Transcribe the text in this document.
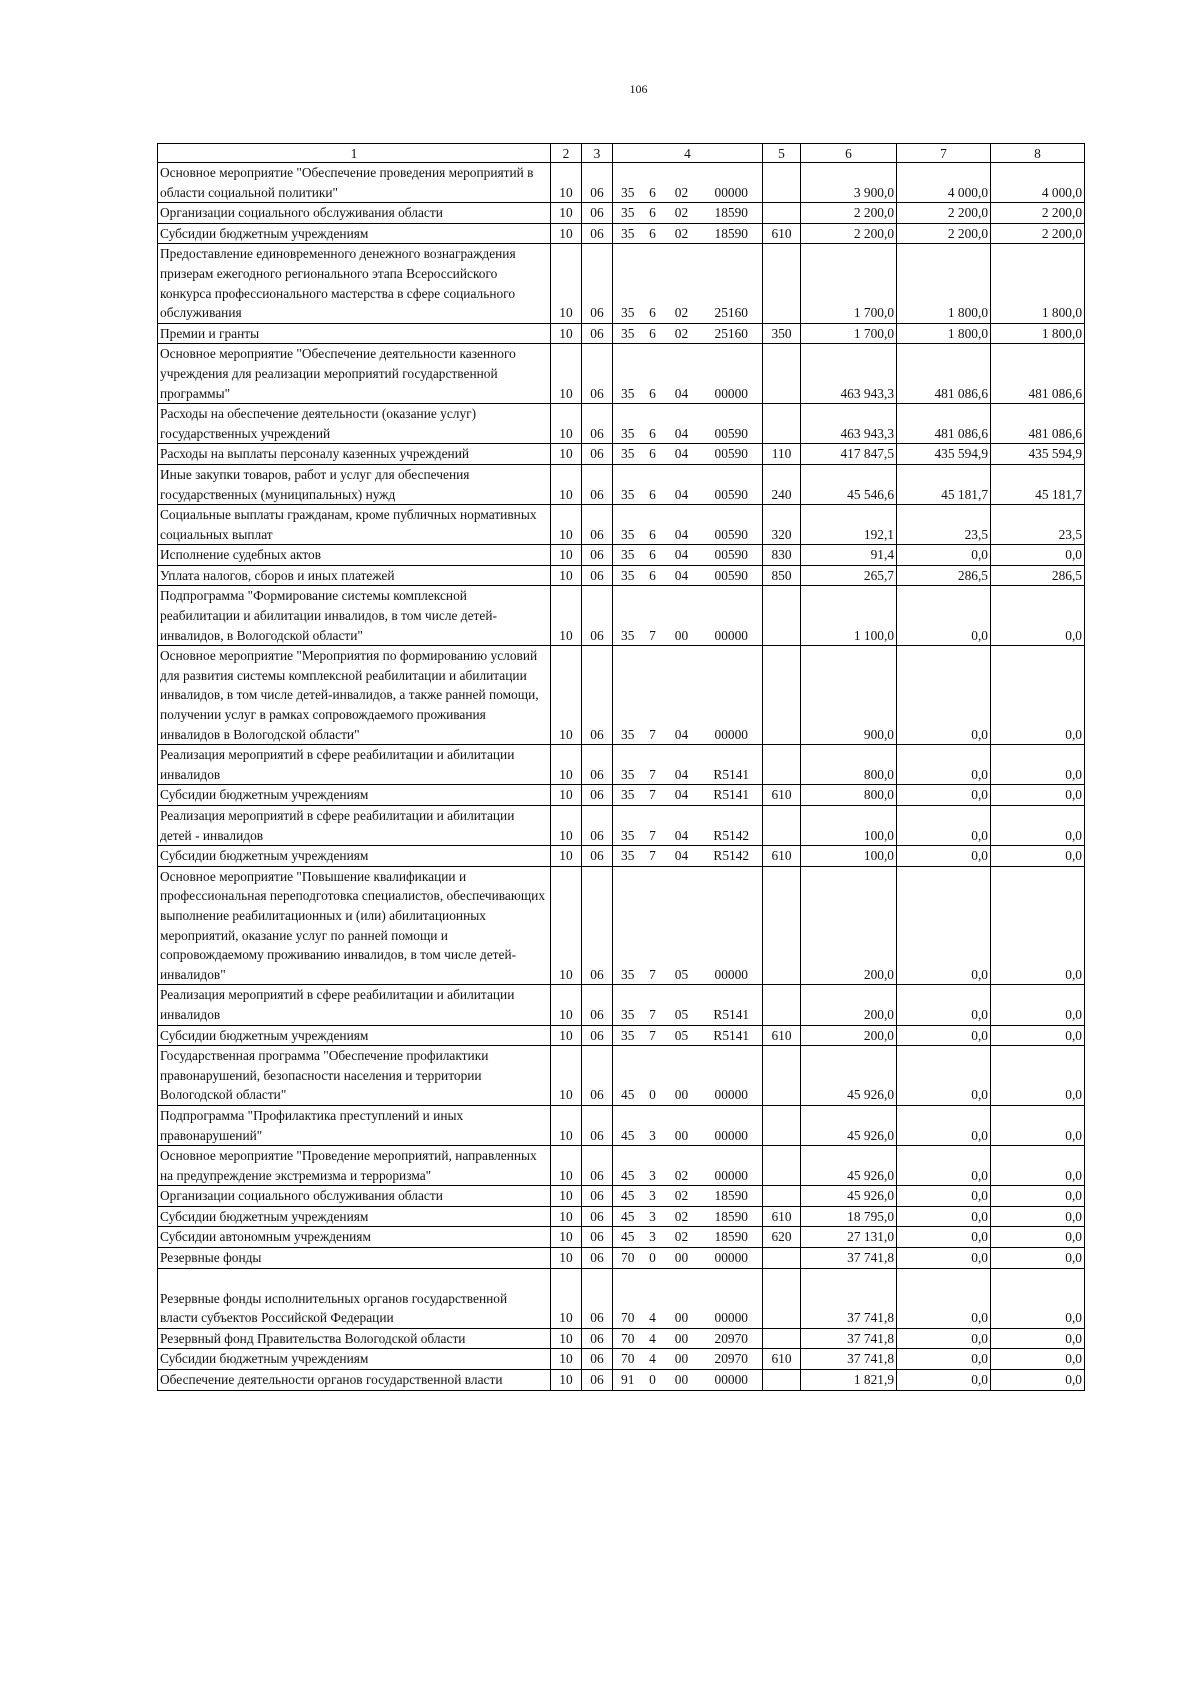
106
1	2	3	4				5	6	7	8
Основное мероприятие "Обеспечение проведения мероприятий в области социальной политики"	10	06	35	6	02	00000		3 900,0	4 000,0	4 000,0
Организации социального обслуживания области	10	06	35	6	02	18590		2 200,0	2 200,0	2 200,0
Субсидии бюджетным учреждениям	10	06	35	6	02	18590	610	2 200,0	2 200,0	2 200,0
Предоставление единовременного денежного вознаграждения призерам ежегодного регионального этапа Всероссийского конкурса профессионального мастерства в сфере социального обслуживания	10	06	35	6	02	25160		1 700,0	1 800,0	1 800,0
Премии и гранты	10	06	35	6	02	25160	350	1 700,0	1 800,0	1 800,0
Основное мероприятие "Обеспечение деятельности казенного учреждения для реализации мероприятий государственной программы"	10	06	35	6	04	00000		463 943,3	481 086,6	481 086,6
Расходы на обеспечение деятельности (оказание услуг) государственных учреждений	10	06	35	6	04	00590		463 943,3	481 086,6	481 086,6
Расходы на выплаты персоналу казенных учреждений	10	06	35	6	04	00590	110	417 847,5	435 594,9	435 594,9
Иные закупки товаров, работ и услуг для обеспечения государственных (муниципальных) нужд	10	06	35	6	04	00590	240	45 546,6	45 181,7	45 181,7
Социальные выплаты гражданам, кроме публичных нормативных социальных выплат	10	06	35	6	04	00590	320	192,1	23,5	23,5
Исполнение судебных актов	10	06	35	6	04	00590	830	91,4	0,0	0,0
Уплата налогов, сборов и иных платежей	10	06	35	6	04	00590	850	265,7	286,5	286,5
Подпрограмма "Формирование системы комплексной реабилитации и абилитации инвалидов, в том числе детей-инвалидов, в Вологодской области"	10	06	35	7	00	00000		1 100,0	0,0	0,0
Основное мероприятие "Мероприятия по формированию условий для развития системы комплексной реабилитации и абилитации инвалидов, в том числе детей-инвалидов, а также ранней помощи, получении услуг в рамках сопровождаемого проживания инвалидов в Вологодской области"	10	06	35	7	04	00000		900,0	0,0	0,0
Реализация мероприятий в сфере реабилитации и абилитации инвалидов	10	06	35	7	04	R5141		800,0	0,0	0,0
Субсидии бюджетным учреждениям	10	06	35	7	04	R5141	610	800,0	0,0	0,0
Реализация мероприятий в сфере реабилитации и абилитации детей - инвалидов	10	06	35	7	04	R5142		100,0	0,0	0,0
Субсидии бюджетным учреждениям	10	06	35	7	04	R5142	610	100,0	0,0	0,0
Основное мероприятие "Повышение квалификации и профессиональная переподготовка специалистов, обеспечивающих выполнение реабилитационных и (или) абилитационных мероприятий, оказание услуг по ранней помощи и сопровождаемому проживанию инвалидов, в том числе детей-инвалидов"	10	06	35	7	05	00000		200,0	0,0	0,0
Реализация мероприятий в сфере реабилитации и абилитации инвалидов	10	06	35	7	05	R5141		200,0	0,0	0,0
Субсидии бюджетным учреждениям	10	06	35	7	05	R5141	610	200,0	0,0	0,0
Государственная программа "Обеспечение профилактики правонарушений, безопасности населения и территории Вологодской области"	10	06	45	0	00	00000		45 926,0	0,0	0,0
Подпрограмма "Профилактика преступлений и иных правонарушений"	10	06	45	3	00	00000		45 926,0	0,0	0,0
Основное мероприятие "Проведение мероприятий, направленных на предупреждение экстремизма и терроризма"	10	06	45	3	02	00000		45 926,0	0,0	0,0
Организации социального обслуживания области	10	06	45	3	02	18590		45 926,0	0,0	0,0
Субсидии бюджетным учреждениям	10	06	45	3	02	18590	610	18 795,0	0,0	0,0
Субсидии автономным учреждениям	10	06	45	3	02	18590	620	27 131,0	0,0	0,0
Резервные фонды	10	06	70	0	00	00000		37 741,8	0,0	0,0
Резервные фонды исполнительных органов государственной власти субъектов Российской Федерации	10	06	70	4	00	00000		37 741,8	0,0	0,0
Резервный фонд Правительства Вологодской области	10	06	70	4	00	20970		37 741,8	0,0	0,0
Субсидии бюджетным учреждениям	10	06	70	4	00	20970	610	37 741,8	0,0	0,0
Обеспечение деятельности органов государственной власти	10	06	91	0	00	00000		1 821,9	0,0	0,0
